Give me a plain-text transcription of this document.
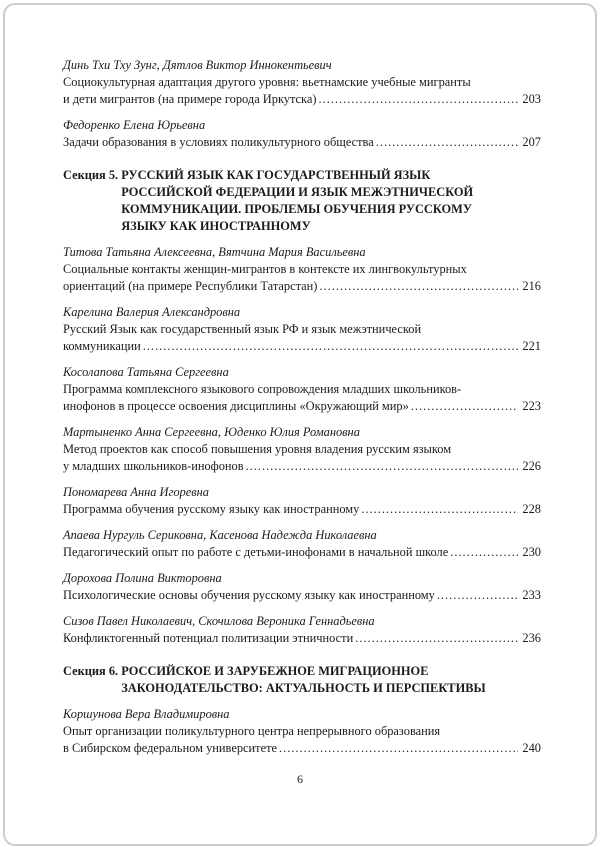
Динь Тхи Тху Зунг, Дятлов Виктор Иннокентьевич
Социокультурная адаптация другого уровня: вьетнамские учебные мигранты
и дети мигрантов (на примере города Иркутска) .....	203
Федоренко Елена Юрьевна
Задачи образования в условиях поликультурного общества .....	207
Секция 5. РУССКИЙ ЯЗЫК КАК ГОСУДАРСТВЕННЫЙ ЯЗЫК
РОССИЙСКОЙ ФЕДЕРАЦИИ И ЯЗЫК МЕЖЭТНИЧЕСКОЙ
КОММУНИКАЦИИ. ПРОБЛЕМЫ ОБУЧЕНИЯ РУССКОМУ
ЯЗЫКУ КАК ИНОСТРАННОМУ
Титова Татьяна Алексеевна, Вятчина Мария Васильевна
Социальные контакты женщин-мигрантов в контексте их лингвокультурных
ориентаций (на примере Республики Татарстан) .....	216
Карелина Валерия Александровна
Русский Язык как государственный язык РФ и язык межэтнической
коммуникации .....	221
Косолапова Татьяна Сергеевна
Программа комплексного языкового сопровождения младших школьников-
инофонов в процессе освоения дисциплины «Окружающий мир» .....	223
Мартыненко Анна Сергеевна, Юденко Юлия Романовна
Метод проектов как способ повышения уровня владения русским языком
у младших школьников-инофонов .....	226
Пономарева Анна Игоревна
Программа обучения русскому языку как иностранному .....	228
Апаева Нургуль Сериковна, Касенова Надежда Николаевна
Педагогический опыт по работе с детьми-инофонами в начальной школе .....	230
Дорохова Полина Викторовна
Психологические основы обучения русскому языку как иностранному .....	233
Сизов Павел Николаевич, Скочилова Вероника Геннадьевна
Конфликтогенный потенциал политизации этничности .....	236
Секция 6. РОССИЙСКОЕ И ЗАРУБЕЖНОЕ МИГРАЦИОННОЕ
ЗАКОНОДАТЕЛЬСТВО: АКТУАЛЬНОСТЬ И ПЕРСПЕКТИВЫ
Коршунова Вера Владимировна
Опыт организации поликультурного центра непрерывного образования
в Сибирском федеральном университете .....	240
6
